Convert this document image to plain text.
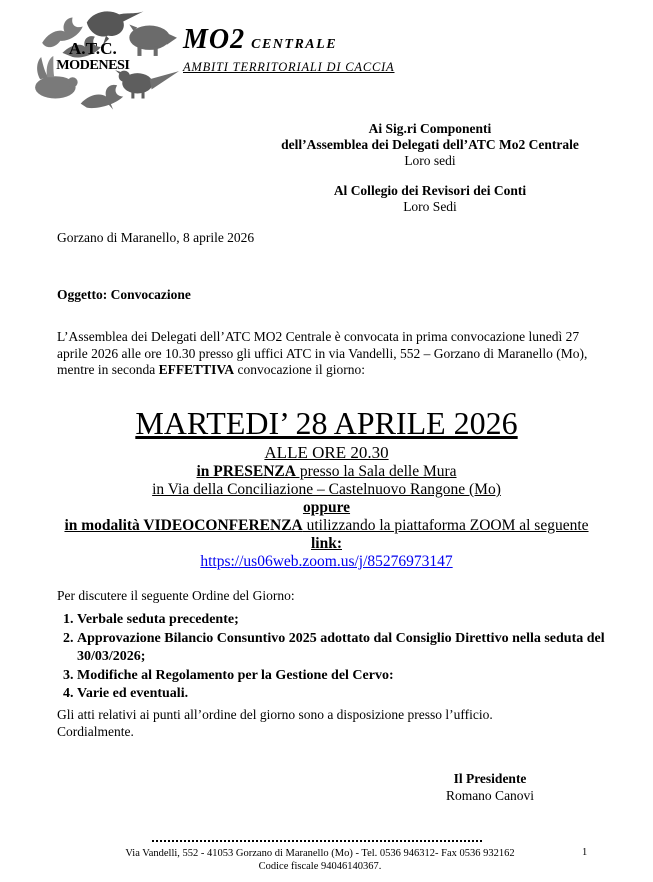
A.T.C.
MODENESI
MO2 CENTRALE
AMBITI TERRITORIALI DI CACCIA
Ai Sig.ri Componenti
dell’Assemblea dei Delegati dell’ATC Mo2 Centrale
Loro sedi
Al Collegio dei Revisori dei Conti
Loro Sedi
Gorzano di Maranello, 8 aprile 2026
Oggetto: Convocazione
L’Assemblea dei Delegati dell’ATC MO2 Centrale è convocata in prima convocazione lunedì 27 aprile 2026 alle ore 10.30 presso gli uffici ATC in via Vandelli, 552 – Gorzano di Maranello (Mo), mentre in seconda EFFETTIVA convocazione il giorno:
MARTEDI’ 28 APRILE 2026
ALLE ORE 20.30
in PRESENZA presso la Sala delle Mura
in Via della Conciliazione – Castelnuovo Rangone (Mo)
oppure
in modalità VIDEOCONFERENZA utilizzando la piattaforma ZOOM al seguente
link:
https://us06web.zoom.us/j/85276973147
Per discutere il seguente Ordine del Giorno:
1. Verbale seduta precedente;
2. Approvazione Bilancio Consuntivo 2025 adottato dal Consiglio Direttivo nella seduta del 30/03/2026;
3. Modifiche al Regolamento per la Gestione del Cervo:
4. Varie ed eventuali.
Gli atti relativi ai punti all’ordine del giorno sono a disposizione presso l’ufficio.
Cordialmente.
Il Presidente
Romano Canovi
Via Vandelli, 552 - 41053 Gorzano di Maranello (Mo) - Tel. 0536 946312- Fax 0536 932162
Codice fiscale 94046140367.
1
